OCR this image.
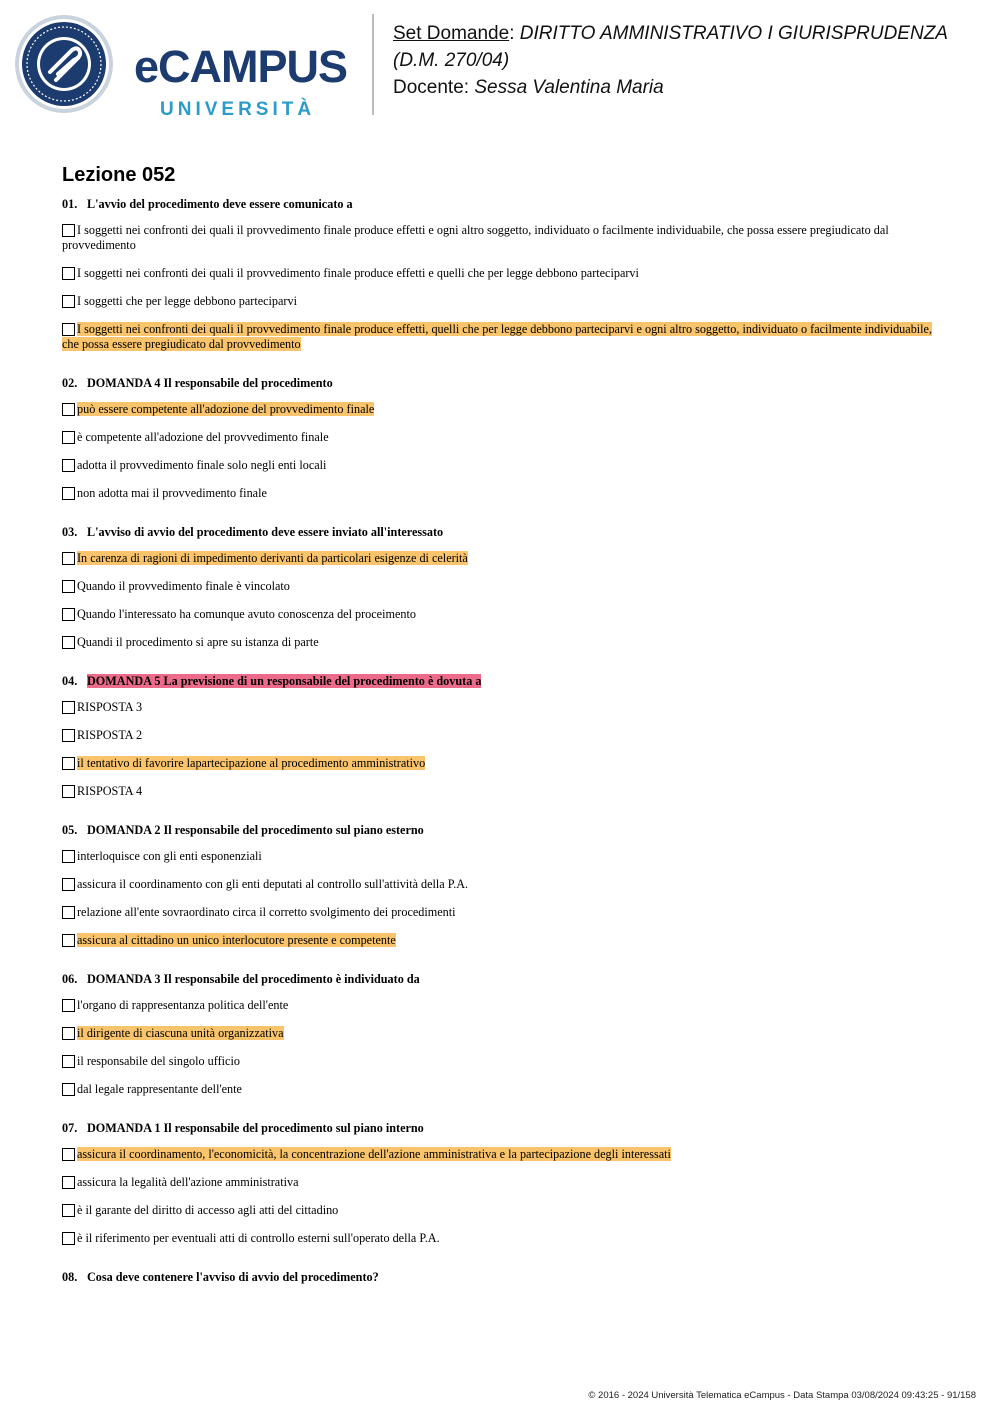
eCAMPUS
UNIVERSITÀ
Set Domande: DIRITTO AMMINISTRATIVO I GIURISPRUDENZA (D.M. 270/04)
Docente: Sessa Valentina Maria
Lezione 052
01. L'avvio del procedimento deve essere comunicato a
I soggetti nei confronti dei quali il provvedimento finale produce effetti e ogni altro soggetto, individuato o facilmente individuabile, che possa essere pregiudicato dal provvedimento
I soggetti nei confronti dei quali il provvedimento finale produce effetti e quelli che per legge debbono parteciparvi
I soggetti che per legge debbono parteciparvi
I soggetti nei confronti dei quali il provvedimento finale produce effetti, quelli che per legge debbono parteciparvi e ogni altro soggetto, individuato o facilmente individuabile, che possa essere pregiudicato dal provvedimento
02. DOMANDA 4 Il responsabile del procedimento
può essere competente all'adozione del provvedimento finale
è competente all'adozione del provvedimento finale
adotta il provvedimento finale solo negli enti locali
non adotta mai il provvedimento finale
03. L'avviso di avvio del procedimento deve essere inviato all'interessato
In carenza di ragioni di impedimento derivanti da particolari esigenze di celerità
Quando il provvedimento finale è vincolato
Quando l'interessato ha comunque avuto conoscenza del proceimento
Quandi il procedimento si apre su istanza di parte
04. DOMANDA 5 La previsione di un responsabile del procedimento è dovuta a
RISPOSTA 3
RISPOSTA 2
il tentativo di favorire lapartecipazione al procedimento amministrativo
RISPOSTA 4
05. DOMANDA 2 Il responsabile del procedimento sul piano esterno
interloquisce con gli enti esponenziali
assicura il coordinamento con gli enti deputati al controllo sull'attività della P.A.
relazione all'ente sovraordinato circa il corretto svolgimento dei procedimenti
assicura al cittadino un unico interlocutore presente e competente
06. DOMANDA 3 Il responsabile del procedimento è individuato da
l'organo di rappresentanza politica dell'ente
il dirigente di ciascuna unità organizzativa
il responsabile del singolo ufficio
dal legale rappresentante dell'ente
07. DOMANDA 1 Il responsabile del procedimento sul piano interno
assicura il coordinamento, l'economicità, la concentrazione dell'azione amministrativa e la partecipazione degli interessati
assicura la legalità dell'azione amministrativa
è il garante del diritto di accesso agli atti del cittadino
è il riferimento per eventuali atti di controllo esterni sull'operato della P.A.
08. Cosa deve contenere l'avviso di avvio del procedimento?
© 2016 - 2024 Università Telematica eCampus - Data Stampa 03/08/2024 09:43:25 - 91/158
